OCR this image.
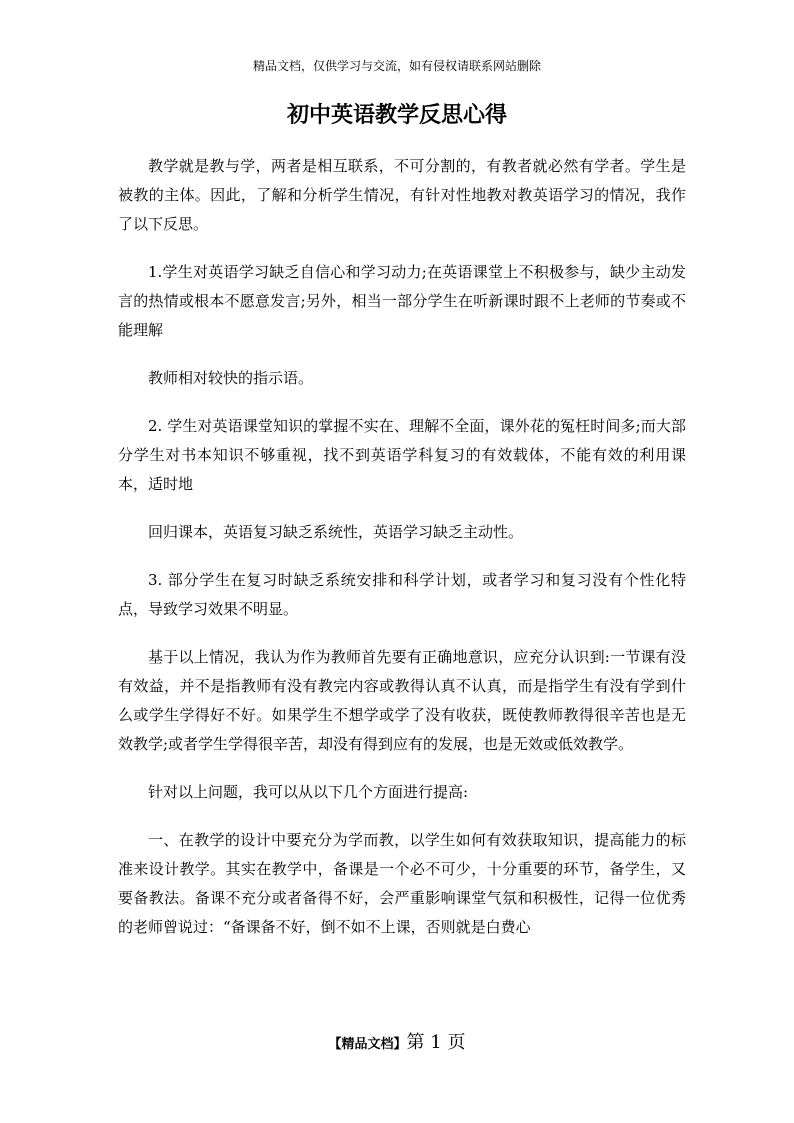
精品文档，仅供学习与交流，如有侵权请联系网站删除
初中英语教学反思心得

教学就是教与学，两者是相互联系，不可分割的，有教者就必然有学者。学生是被教的主体。因此，了解和分析学生情况，有针对性地教对教英语学习的情况，我作了以下反思。

1.学生对英语学习缺乏自信心和学习动力;在英语课堂上不积极参与，缺少主动发言的热情或根本不愿意发言;另外，相当一部分学生在听新课时跟不上老师的节奏或不能理解

教师相对较快的指示语。

2. 学生对英语课堂知识的掌握不实在、理解不全面，课外花的冤枉时间多;而大部分学生对书本知识不够重视，找不到英语学科复习的有效载体，不能有效的利用课本，适时地

回归课本，英语复习缺乏系统性，英语学习缺乏主动性。

3. 部分学生在复习时缺乏系统安排和科学计划，或者学习和复习没有个性化特点，导致学习效果不明显。

基于以上情况，我认为作为教师首先要有正确地意识，应充分认识到:一节课有没有效益，并不是指教师有没有教完内容或教得认真不认真，而是指学生有没有学到什么或学生学得好不好。如果学生不想学或学了没有收获，既使教师教得很辛苦也是无效教学;或者学生学得很辛苦，却没有得到应有的发展，也是无效或低效教学。

针对以上问题，我可以从以下几个方面进行提高:

一、在教学的设计中要充分为学而教，以学生如何有效获取知识，提高能力的标准来设计教学。其实在教学中，备课是一个必不可少，十分重要的环节，备学生，又要备教法。备课不充分或者备得不好，会严重影响课堂气氛和积极性，记得一位优秀的老师曾说过：“备课备不好，倒不如不上课，否则就是白费心

【精品文档】第 1 页
